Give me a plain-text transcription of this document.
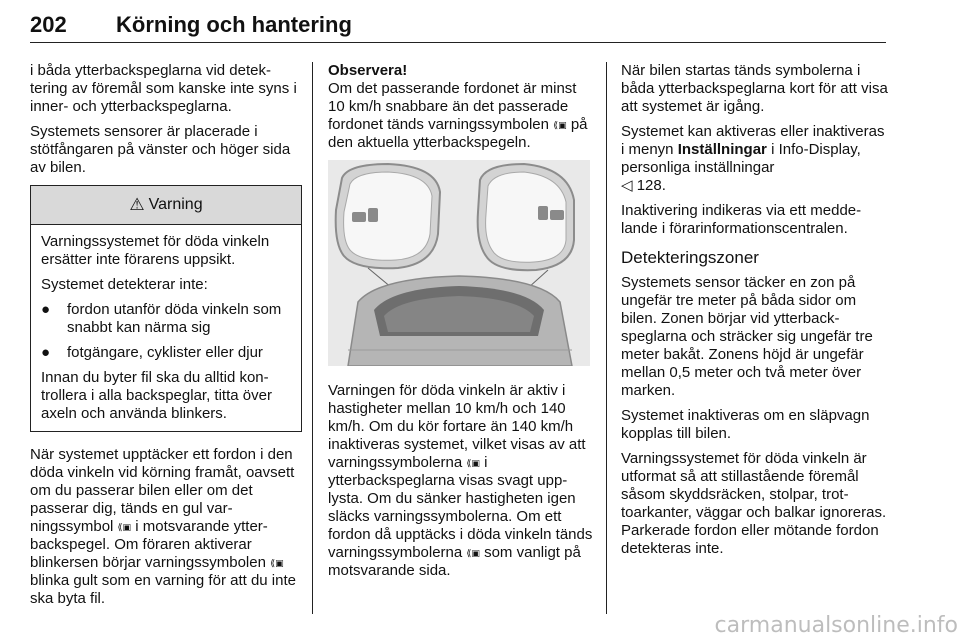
202 Körning och hantering

i båda ytterbackspeglarna vid detektering av föremål som kanske inte syns i inner- och ytterbackspeglarna.

Systemets sensorer är placerade i stötfångaren på vänster och höger sida av bilen.

⚠ Varning

Varningssystemet för döda vinkeln ersätter inte förarens uppsikt.

Systemet detekterar inte:

●	fordon utanför döda vinkeln som snabbt kan närma sig
●	fotgängare, cyklister eller djur

Innan du byter fil ska du alltid kontrollera i alla backspeglar, titta över axeln och använda blinkers.

När systemet upptäcker ett fordon i den döda vinkeln vid körning framåt, oavsett om du passerar bilen eller om det passerar dig, tänds en gul varningssymbol ⟪▣ i motsvarande ytterbackspegel. Om föraren aktiverar blinkersen börjar varningssymbolen ⟪▣ blinka gult som en varning för att du inte ska byta fil.

Observera!
Om det passerande fordonet är minst 10 km/h snabbare än det passerade fordonet tänds varningssymbolen ⟪▣ på den aktuella ytterbackspegeln.

Varningen för döda vinkeln är aktiv i hastigheter mellan 10 km/h och 140 km/h. Om du kör fortare än 140 km/h inaktiveras systemet, vilket visas av att varningssymbolerna ⟪▣ i ytterbackspeglarna visas svagt upplysta. Om du sänker hastigheten igen släcks varningssymbolerna. Om ett fordon då upptäcks i döda vinkeln tänds varningssymbolerna ⟪▣ som vanligt på motsvarande sida.

När bilen startas tänds symbolerna i båda ytterbackspeglarna kort för att visa att systemet är igång.

Systemet kan aktiveras eller inaktiveras i menyn Inställningar i Info-Display, personliga inställningar
◁ 128.

Inaktivering indikeras via ett meddelande i förarinformationscentralen.

Detekteringszoner

Systemets sensor täcker en zon på ungefär tre meter på båda sidor om bilen. Zonen börjar vid ytterbackspeglarna och sträcker sig ungefär tre meter bakåt. Zonens höjd är ungefär mellan 0,5 meter och två meter över marken.

Systemet inaktiveras om en släpvagn kopplas till bilen.

Varningssystemet för döda vinkeln är utformat så att stillastående föremål såsom skyddsräcken, stolpar, trottoarkanter, väggar och balkar ignoreras. Parkerade fordon eller mötande fordon detekteras inte.

carmanualsonline.info
